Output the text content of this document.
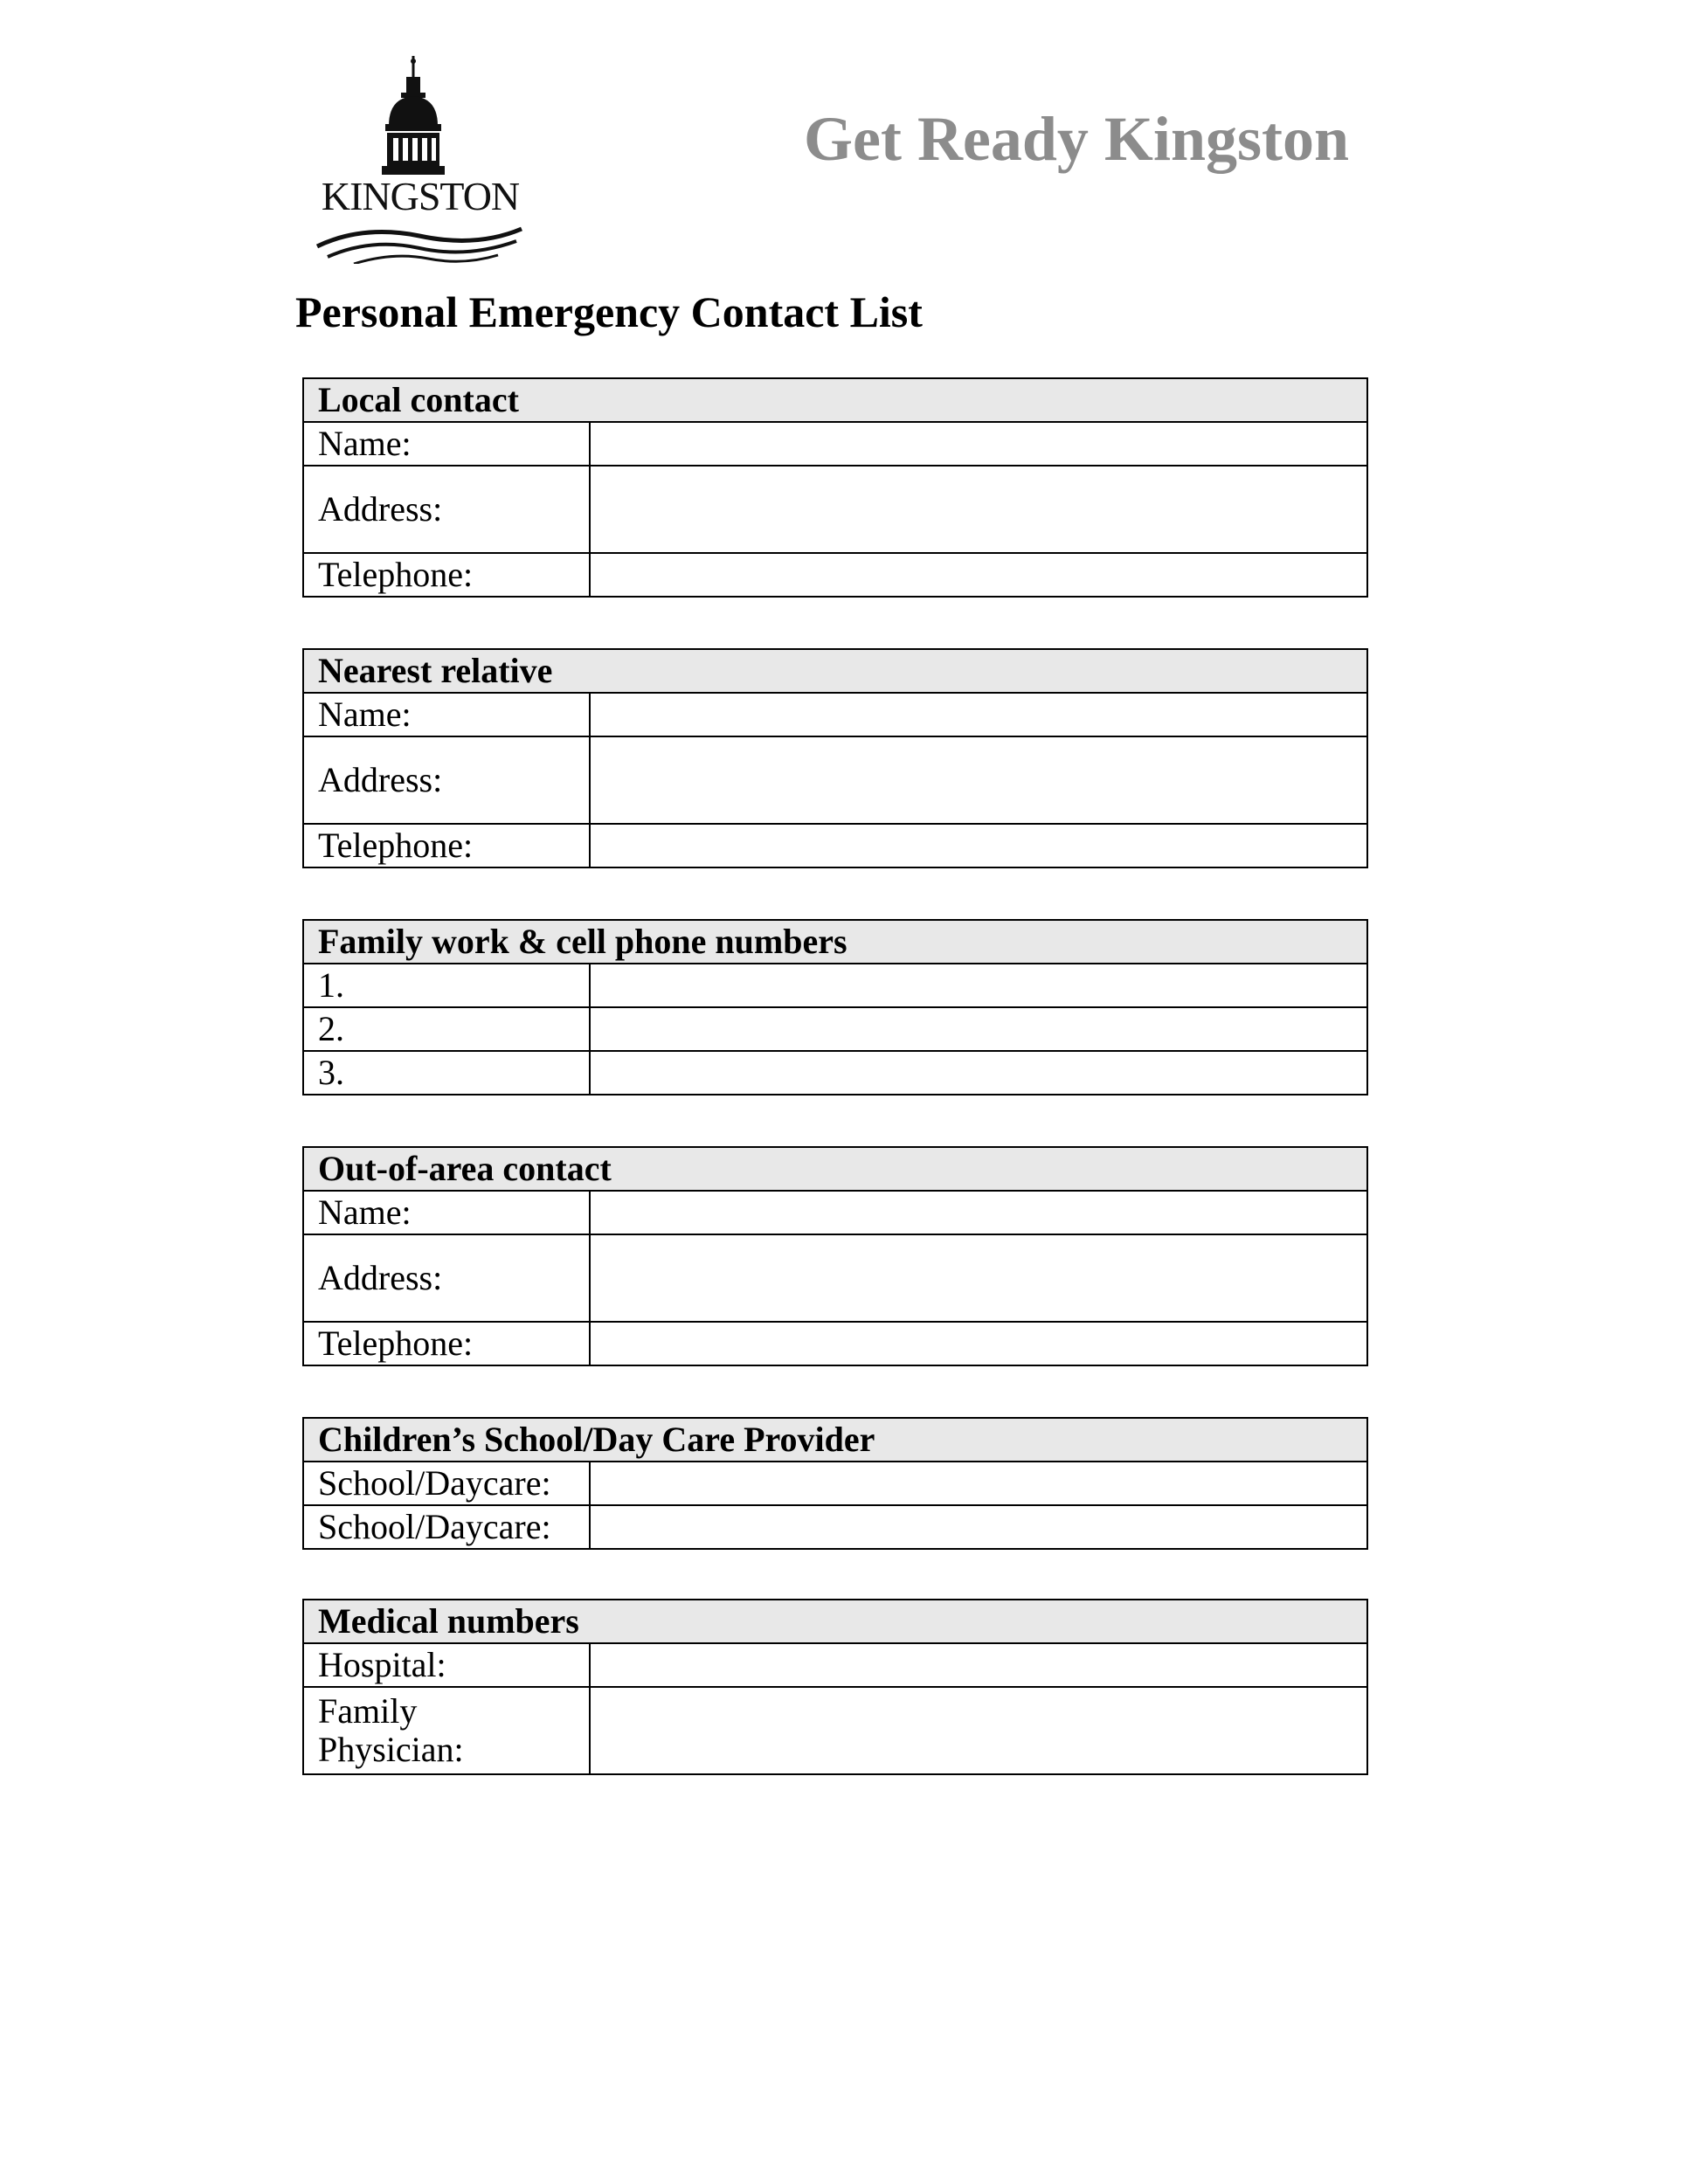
KINGSTON
Get Ready Kingston
Personal Emergency Contact List
Local contact	
Name:	
Address:	
Telephone:	
Nearest relative	
Name:	
Address:	
Telephone:	
Family work & cell phone numbers	
1.	
2.	
3.	
Out-of-area contact	
Name:	
Address:	
Telephone:	
Children’s School/Day Care Provider	
School/Daycare:	
School/Daycare:	
Medical numbers	
Hospital:	

Family
Physician:	
